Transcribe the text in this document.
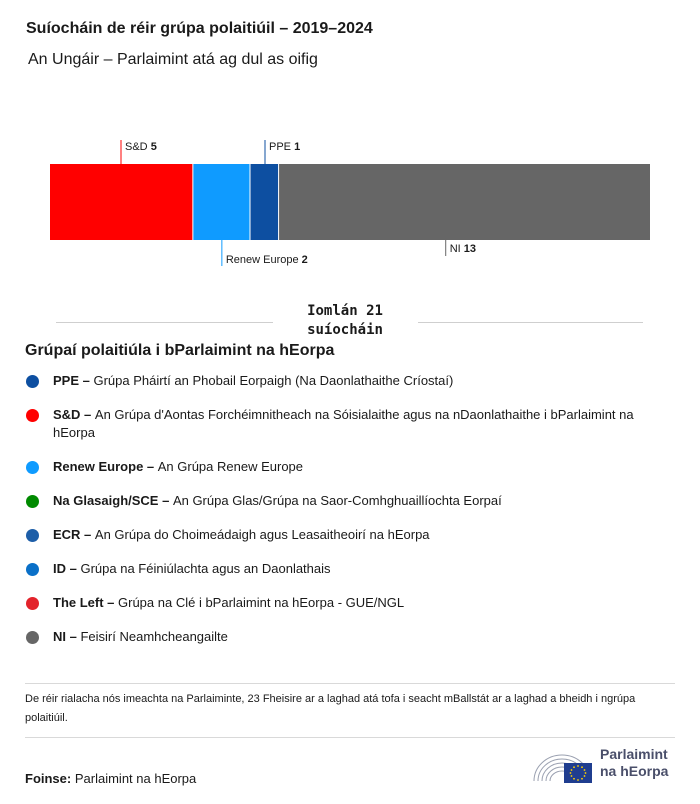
Suíocháin de réir grúpa polaitiúil – 2019–2024
An Ungáir – Parlaimint atá ag dul as oifig
S&D 5
Renew Europe 2
PPE 1
NI 13
Iomlán 21
suíocháin
Grúpaí polaitiúla i bParlaimint na hEorpa
PPE – Grúpa Pháirtí an Phobail Eorpaigh (Na Daonlathaithe Críostaí)
S&D – An Grúpa d'Aontas Forchéimnitheach na Sóisialaithe agus na nDaonlathaithe i bParlaimint na hEorpa
Renew Europe – An Grúpa Renew Europe
Na Glasaigh/SCE – An Grúpa Glas/Grúpa na Saor-Comhghuaillíochta Eorpaí
ECR – An Grúpa do Choimeádaigh agus Leasaitheoirí na hEorpa
ID – Grúpa na Féiniúlachta agus an Daonlathais
The Left – Grúpa na Clé i bParlaimint na hEorpa - GUE/NGL
NI – Feisirí Neamhcheangailte
De réir rialacha nós imeachta na Parlaiminte, 23 Fheisire ar a laghad atá tofa i seacht mBallstát ar a laghad a bheidh i ngrúpa polaitiúil.
Foinse: Parlaimint na hEorpa
Parlaimint
na hEorpa
